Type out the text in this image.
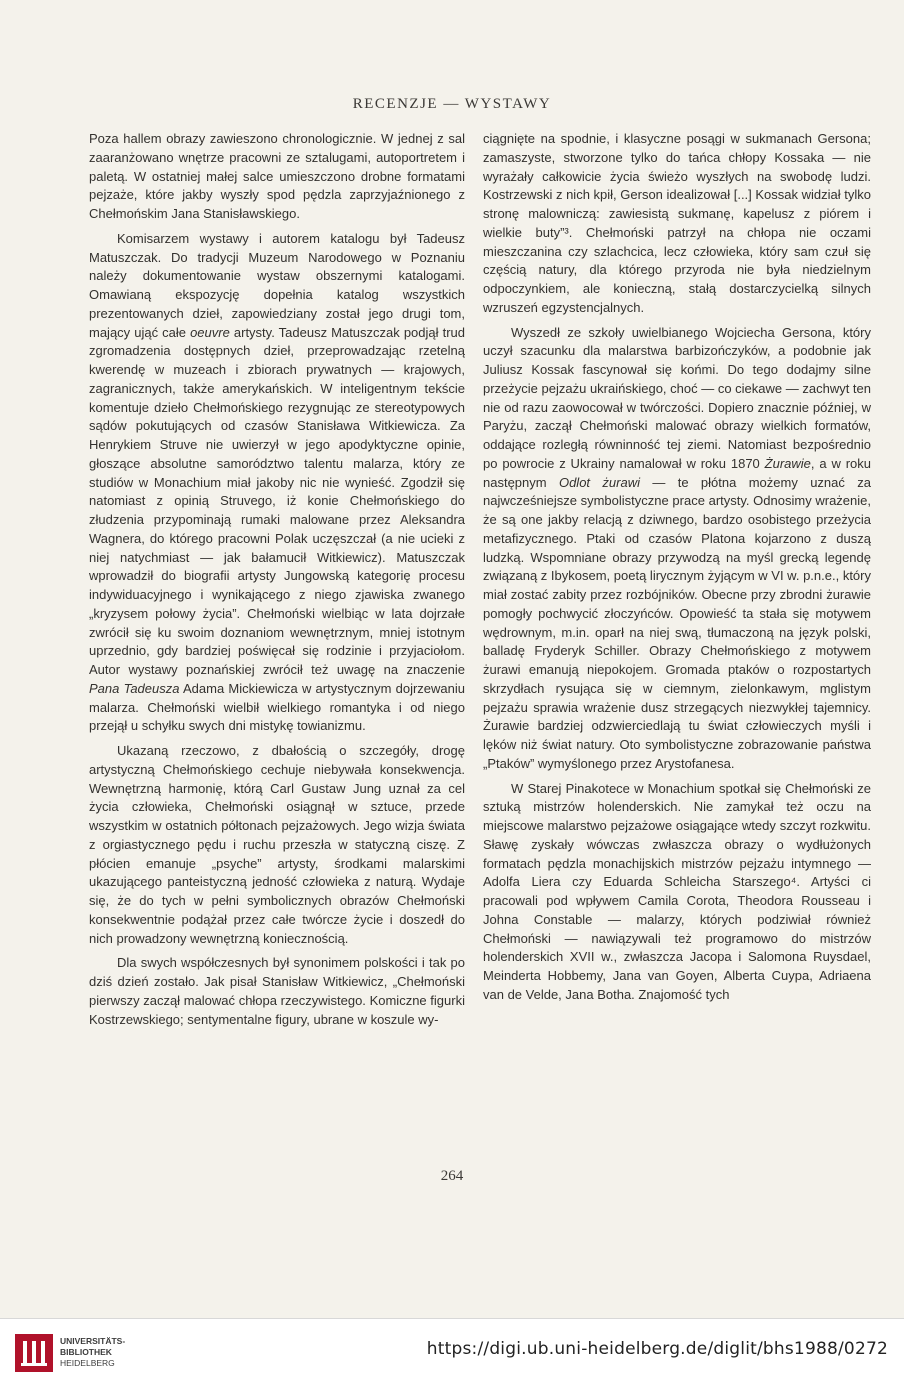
RECENZJE — WYSTAWY

Poza hallem obrazy zawieszono chronologicznie. W jednej z sal zaaranżowano wnętrze pracowni ze sztalugami, autoportretem i paletą. W ostatniej małej salce umieszczono drobne formatami pejzaże, które jakby wyszły spod pędzla zaprzyjaźnionego z Chełmońskim Jana Stanisławskiego.

Komisarzem wystawy i autorem katalogu był Tadeusz Matuszczak. Do tradycji Muzeum Narodowego w Poznaniu należy dokumentowanie wystaw obszernymi katalogami. Omawianą ekspozycję dopełnia katalog wszystkich prezentowanych dzieł, zapowiedziany został jego drugi tom, mający ująć całe oeuvre artysty. Tadeusz Matuszczak podjął trud zgromadzenia dostępnych dzieł, przeprowadzając rzetelną kwerendę w muzeach i zbiorach prywatnych — krajowych, zagranicznych, także amerykańskich. W inteligentnym tekście komentuje dzieło Chełmońskiego rezygnując ze stereotypowych sądów pokutujących od czasów Stanisława Witkiewicza. Za Henrykiem Struve nie uwierzył w jego apodyktyczne opinie, głoszące absolutne samorództwo talentu malarza, który ze studiów w Monachium miał jakoby nic nie wynieść. Zgodził się natomiast z opinią Struvego, iż konie Chełmońskiego do złudzenia przypominają rumaki malowane przez Aleksandra Wagnera, do którego pracowni Polak uczęszczał (a nie ucieki z niej natychmiast — jak bałamucił Witkiewicz). Matuszczak wprowadził do biografii artysty Jungowską kategorię procesu indywiduacyjnego i wynikającego z niego zjawiska zwanego „kryzysem połowy życia”. Chełmoński wielbiąc w lata dojrzałe zwrócił się ku swoim doznaniom wewnętrznym, mniej istotnym uprzednio, gdy bardziej poświęcał się rodzinie i przyjaciołom. Autor wystawy poznańskiej zwrócił też uwagę na znaczenie Pana Tadeusza Adama Mickiewicza w artystycznym dojrzewaniu malarza. Chełmoński wielbił wielkiego romantyka i od niego przejął u schyłku swych dni mistykę towianizmu.

Ukazaną rzeczowo, z dbałością o szczegóły, drogę artystyczną Chełmońskiego cechuje niebywała konsekwencja. Wewnętrzną harmonię, którą Carl Gustaw Jung uznał za cel życia człowieka, Chełmoński osiągnął w sztuce, przede wszystkim w ostatnich półtonach pejzażowych. Jego wizja świata z orgiastycznego pędu i ruchu przeszła w statyczną ciszę. Z płócien emanuje „psyche” artysty, środkami malarskimi ukazującego panteistyczną jedność człowieka z naturą. Wydaje się, że do tych w pełni symbolicznych obrazów Chełmoński konsekwentnie podążał przez całe twórcze życie i doszedł do nich prowadzony wewnętrzną koniecznością.

Dla swych współczesnych był synonimem polskości i tak po dziś dzień zostało. Jak pisał Stanisław Witkiewicz, „Chełmoński pierwszy zaczął malować chłopa rzeczywistego. Komiczne figurki Kostrzewskiego; sentymentalne figury, ubrane w koszule wy-

ciągnięte na spodnie, i klasyczne posągi w sukmanach Gersona; zamaszyste, stworzone tylko do tańca chłopy Kossaka — nie wyrażały całkowicie życia świeżo wyszłych na swobodę ludzi. Kostrzewski z nich kpił, Gerson idealizował [...] Kossak widział tylko stronę malowniczą: zawiesistą sukmanę, kapelusz z piórem i wielkie buty”³. Chełmoński patrzył na chłopa nie oczami mieszczanina czy szlachcica, lecz człowieka, który sam czuł się częścią natury, dla którego przyroda nie była niedzielnym odpoczynkiem, ale konieczną, stałą dostarczycielką silnych wzruszeń egzystencjalnych.

Wyszedł ze szkoły uwielbianego Wojciecha Gersona, który uczył szacunku dla malarstwa barbizończyków, a podobnie jak Juliusz Kossak fascynował się końmi. Do tego dodajmy silne przeżycie pejzażu ukraińskiego, choć — co ciekawe — zachwyt ten nie od razu zaowocował w twórczości. Dopiero znacznie później, w Paryżu, zaczął Chełmoński malować obrazy wielkich formatów, oddające rozległą równinność tej ziemi. Natomiast bezpośrednio po powrocie z Ukrainy namalował w roku 1870 Żurawie, a w roku następnym Odlot żurawi — te płótna możemy uznać za najwcześniejsze symbolistyczne prace artysty. Odnosimy wrażenie, że są one jakby relacją z dziwnego, bardzo osobistego przeżycia metafizycznego. Ptaki od czasów Platona kojarzono z duszą ludzką. Wspomniane obrazy przywodzą na myśl grecką legendę związaną z Ibykosem, poetą lirycznym żyjącym w VI w. p.n.e., który miał zostać zabity przez rozbójników. Obecne przy zbrodni żurawie pomogły pochwycić złoczyńców. Opowieść ta stała się motywem wędrownym, m.in. oparł na niej swą, tłumaczoną na język polski, balladę Fryderyk Schiller. Obrazy Chełmońskiego z motywem żurawi emanują niepokojem. Gromada ptaków o rozpostartych skrzydłach rysująca się w ciemnym, zielonkawym, mglistym pejzażu sprawia wrażenie dusz strzegących niezwykłej tajemnicy. Żurawie bardziej odzwierciedlają tu świat człowieczych myśli i lęków niż świat natury. Oto symbolistyczne zobrazowanie państwa „Ptaków” wymyślonego przez Arystofanesa.

W Starej Pinakotece w Monachium spotkał się Chełmoński ze sztuką mistrzów holenderskich. Nie zamykał też oczu na miejscowe malarstwo pejzażowe osiągające wtedy szczyt rozkwitu. Sławę zyskały wówczas zwłaszcza obrazy o wydłużonych formatach pędzla monachijskich mistrzów pejzażu intymnego — Adolfa Liera czy Eduarda Schleicha Starszego⁴. Artyści ci pracowali pod wpływem Camila Corota, Theodora Rousseau i Johna Constable — malarzy, których podziwiał również Chełmoński — nawiązywali też programowo do mistrzów holenderskich XVII w., zwłaszcza Jacopa i Salomona Ruysdael, Meinderta Hobbemy, Jana van Goyen, Alberta Cuypa, Adriaena van de Velde, Jana Botha. Znajomość tych

264
UNIVERSITÄTS-
BIBLIOTHEK
HEIDELBERG
https://digi.ub.uni-heidelberg.de/diglit/bhs1988/0272
